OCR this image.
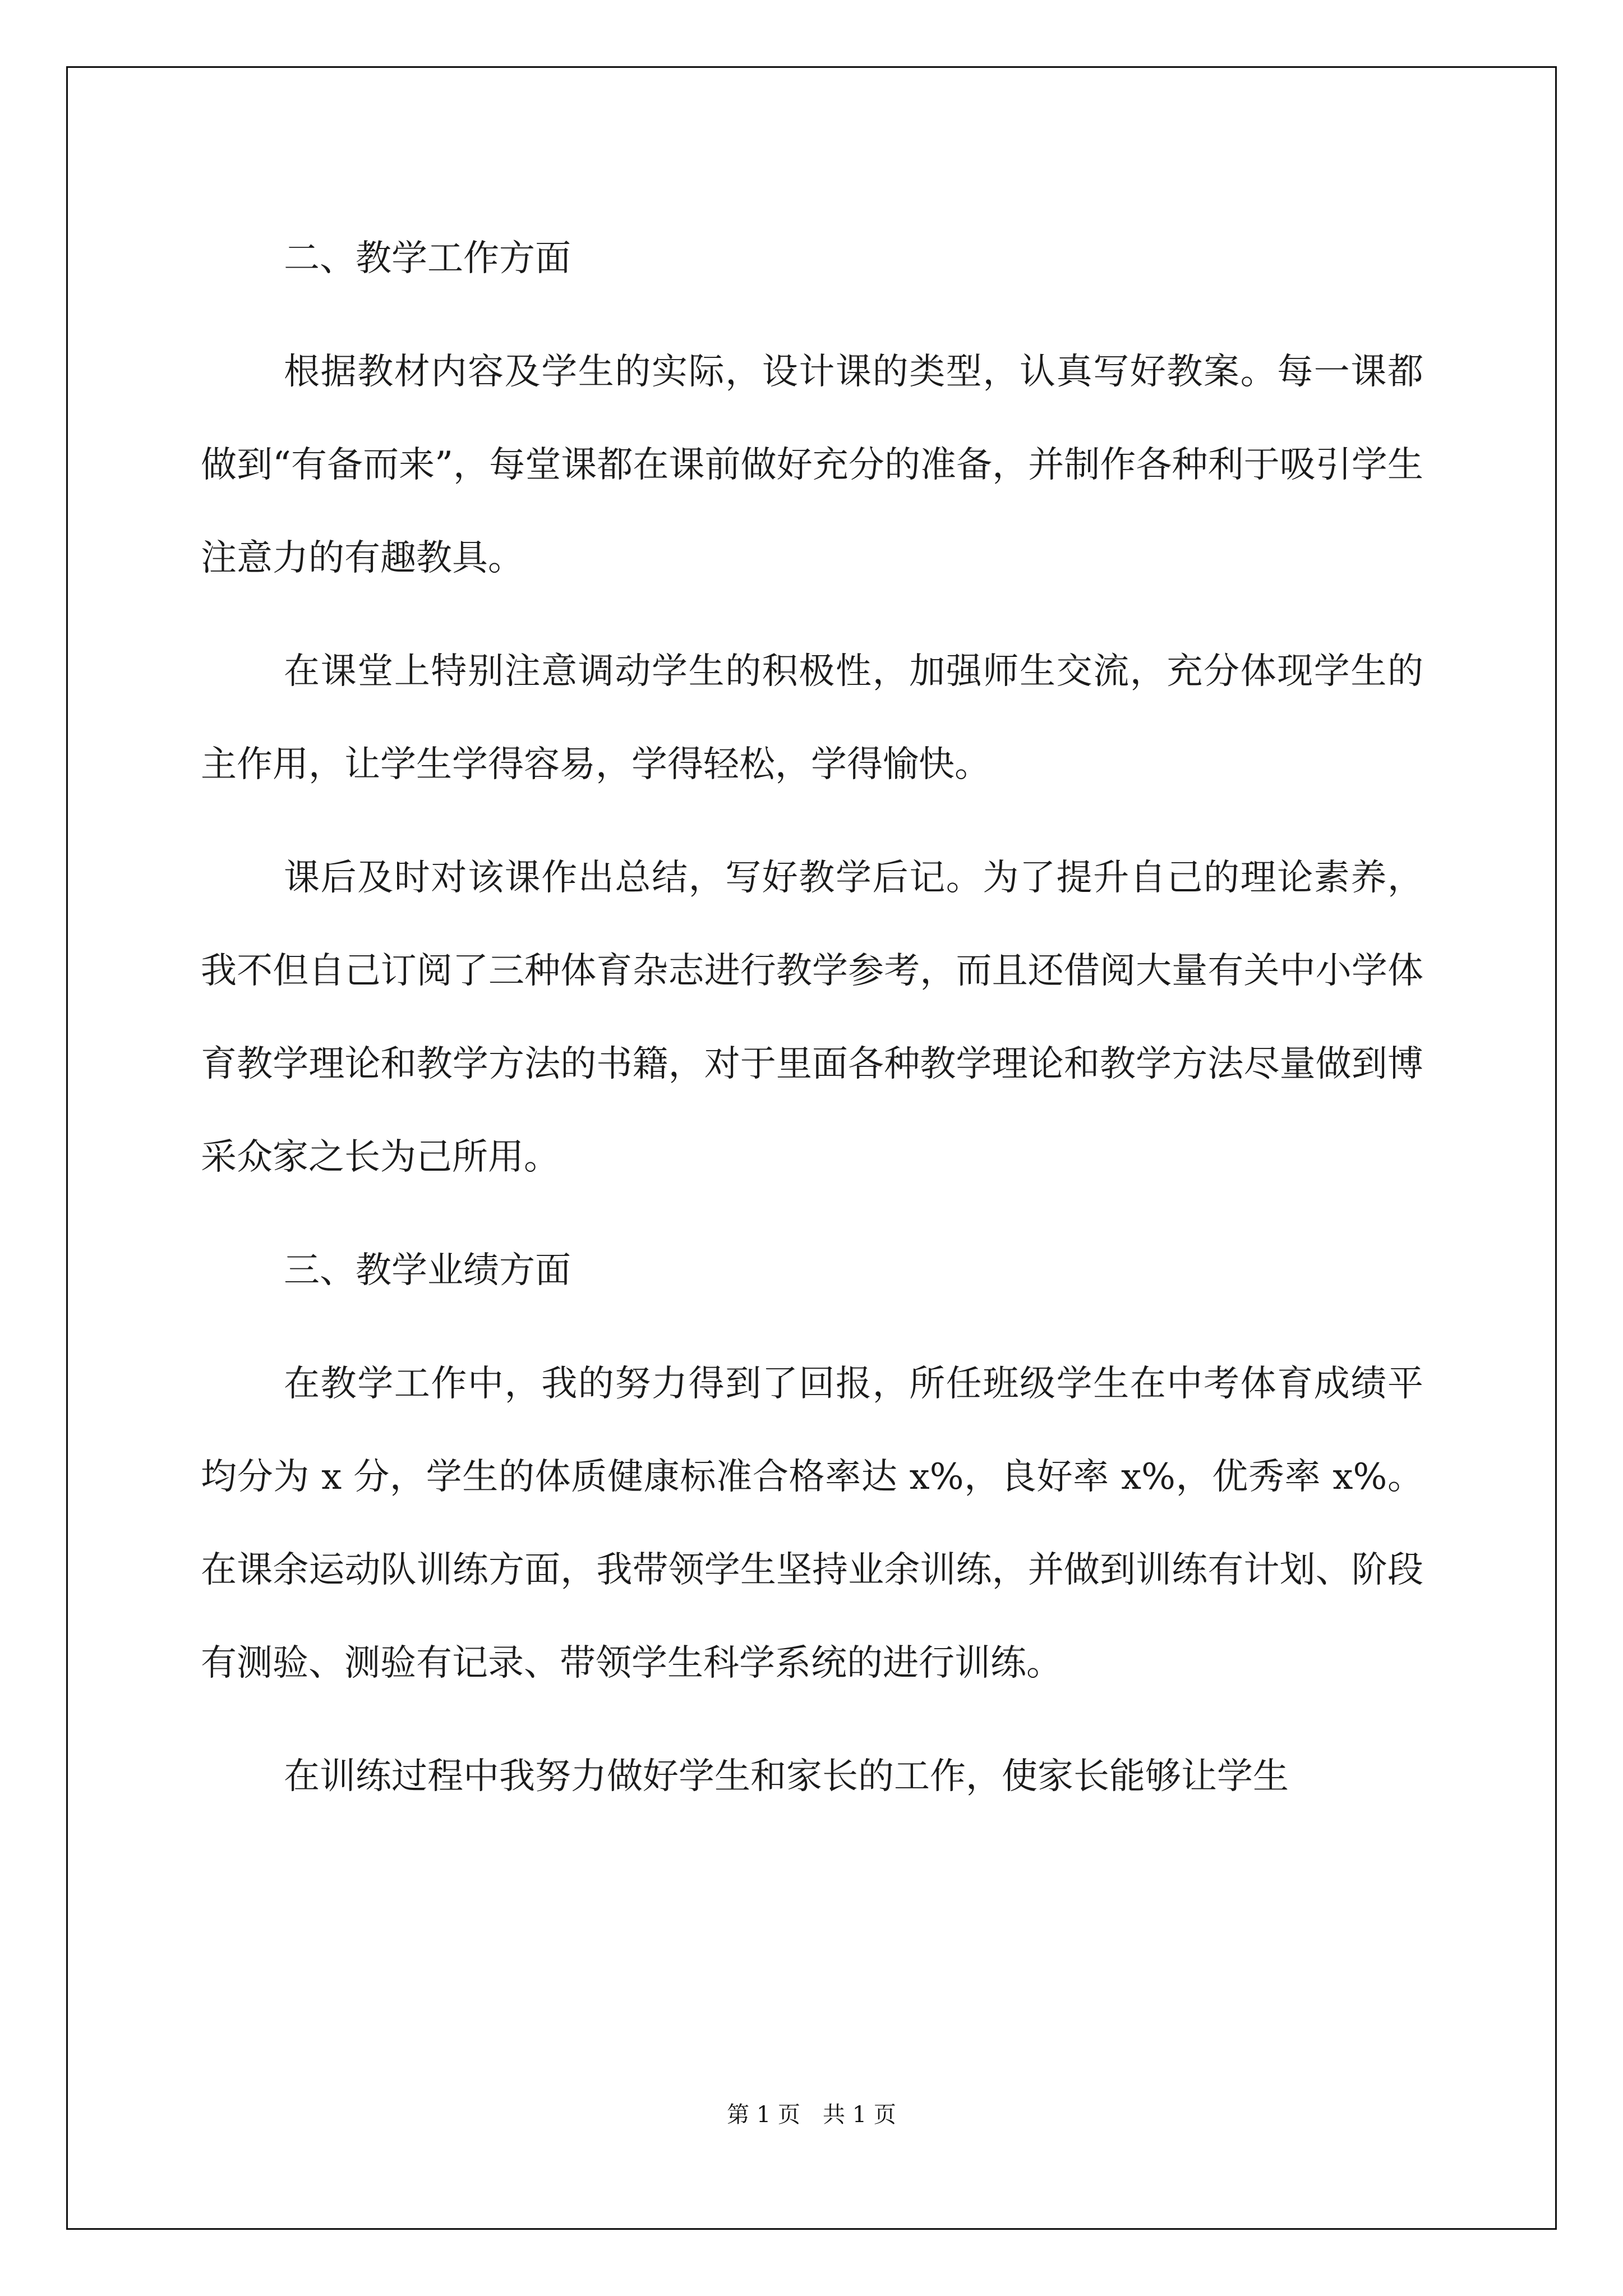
二、教学工作方面

根据教材内容及学生的实际，设计课的类型，认真写好教案。每一课都做到“有备而来”，每堂课都在课前做好充分的准备，并制作各种利于吸引学生注意力的有趣教具。

在课堂上特别注意调动学生的积极性，加强师生交流，充分体现学生的主作用，让学生学得容易，学得轻松，学得愉快。

课后及时对该课作出总结，写好教学后记。为了提升自己的理论素养，我不但自己订阅了三种体育杂志进行教学参考，而且还借阅大量有关中小学体育教学理论和教学方法的书籍，对于里面各种教学理论和教学方法尽量做到博采众家之长为己所用。

三、教学业绩方面

在教学工作中，我的努力得到了回报，所任班级学生在中考体育成绩平均分为 x 分，学生的体质健康标准合格率达 x%，良好率 x%，优秀率 x%。在课余运动队训练方面，我带领学生坚持业余训练，并做到训练有计划、阶段有测验、测验有记录、带领学生科学系统的进行训练。

在训练过程中我努力做好学生和家长的工作，使家长能够让学生

第 1 页　共 1 页
